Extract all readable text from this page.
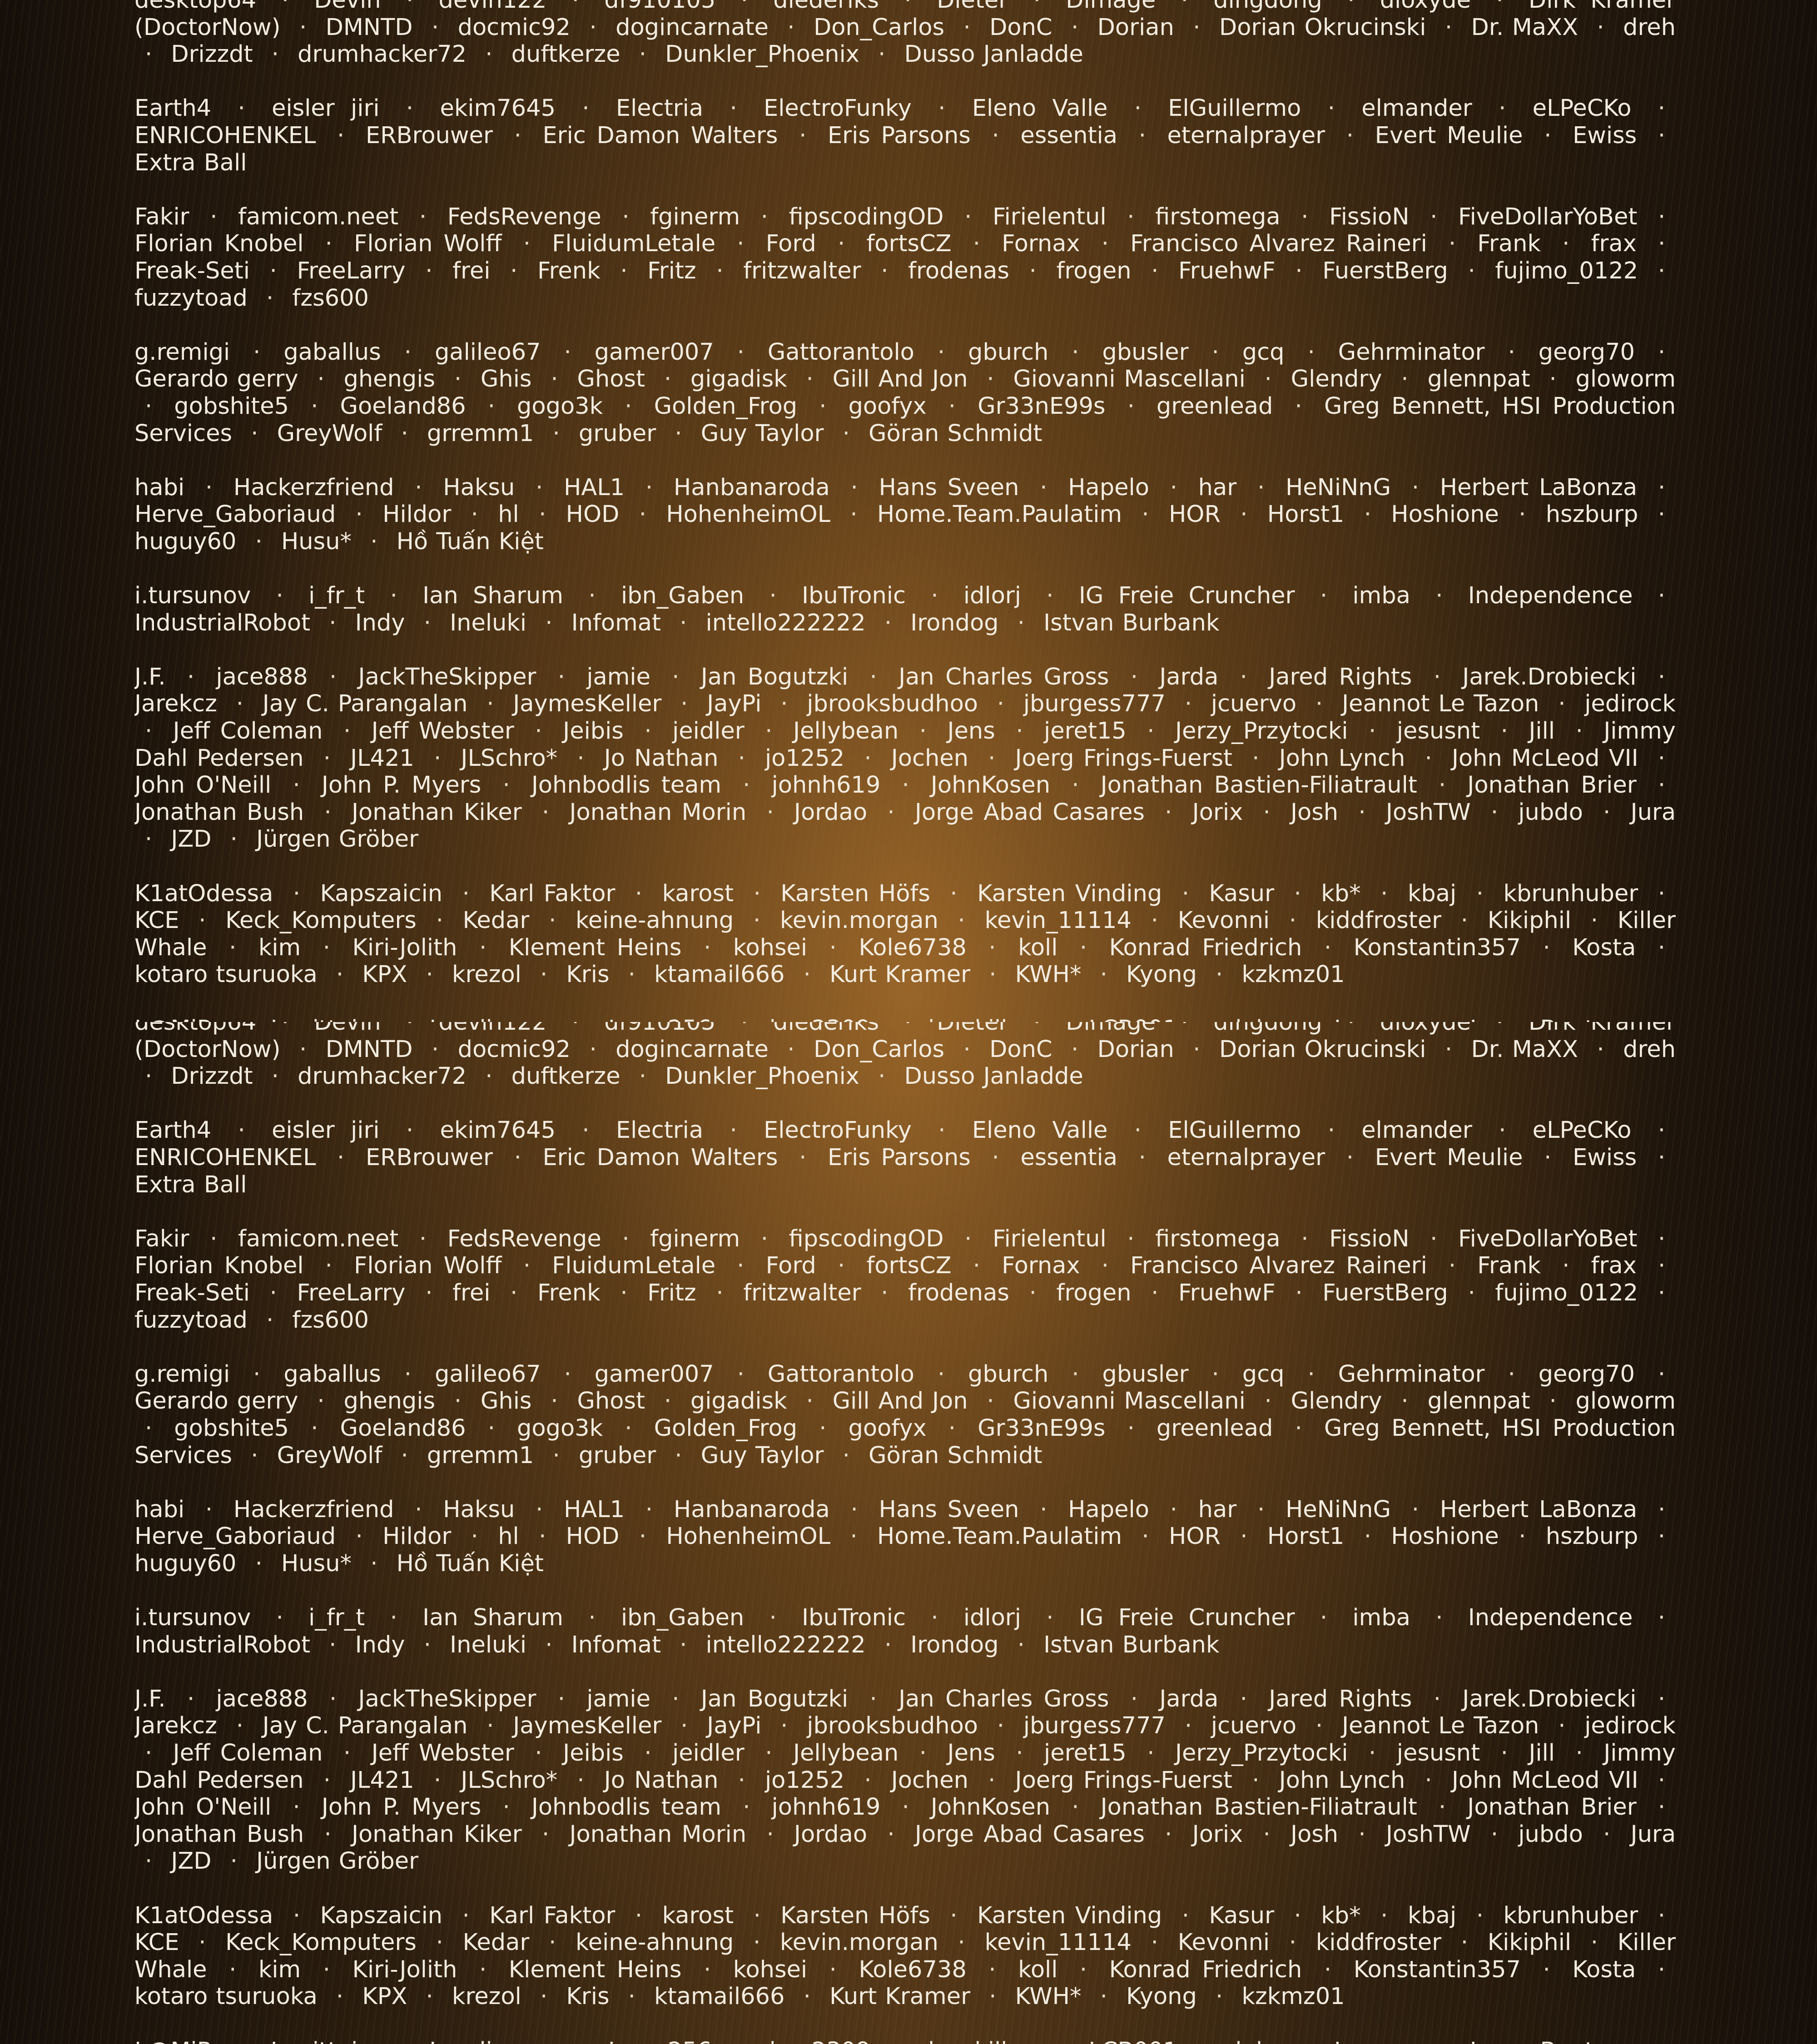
desktop64 · Devin · devin122 · df910105 · diederiks · Dieter · Dimage · dingdong · dioxyde · Dirk Kramer (DoctorNow) · DMNTD · docmic92 · dogincarnate · Don_Carlos · DonC · Dorian · Dorian Okrucinski · Dr. MaXX · dreh · Drizzdt · drumhacker72 · duftkerze · Dunkler_Phoenix · Dusso Janladde

Earth4 · eisler jiri · ekim7645 · Electria · ElectroFunky · Eleno Valle · ElGuillermo · elmander · eLPeCKo · ENRICOHENKEL · ERBrouwer · Eric Damon Walters · Eris Parsons · essentia · eternalprayer · Evert Meulie · Ewiss · Extra Ball

Fakir · famicom.neet · FedsRevenge · fginerm · fipscodingOD · Firielentul · firstomega · FissioN · FiveDollarYoBet · Florian Knobel · Florian Wolff · FluidumLetale · Ford · fortsCZ · Fornax · Francisco Alvarez Raineri · Frank · frax · Freak-Seti · FreeLarry · frei · Frenk · Fritz · fritzwalter · frodenas · frogen · FruehwF · FuerstBerg · fujimo_0122 · fuzzytoad · fzs600

g.remigi · gaballus · galileo67 · gamer007 · Gattorantolo · gburch · gbusler · gcq · Gehrminator · georg70 · Gerardo gerry · ghengis · Ghis · Ghost · gigadisk · Gill And Jon · Giovanni Mascellani · Glendry · glennpat · gloworm · gobshite5 · Goeland86 · gogo3k · Golden_Frog · goofyx · Gr33nE99s · greenlead · Greg Bennett, HSI Production Services · GreyWolf · grremm1 · gruber · Guy Taylor · Göran Schmidt

habi · Hackerzfriend · Haksu · HAL1 · Hanbanaroda · Hans Sveen · Hapelo · har · HeNiNnG · Herbert LaBonza · Herve_Gaboriaud · Hildor · hl · HOD · HohenheimOL · Home.Team.Paulatim · HOR · Horst1 · Hoshione · hszburp · huguy60 · Husu* · Hồ Tuấn Kiệt

i.tursunov · i_fr_t · Ian Sharum · ibn_Gaben · IbuTronic · idlorj · IG Freie Cruncher · imba · Independence · IndustrialRobot · Indy · Ineluki · Infomat · intello222222 · Irondog · Istvan Burbank

J.F. · jace888 · JackTheSkipper · jamie · Jan Bogutzki · Jan Charles Gross · Jarda · Jared Rights · Jarek.Drobiecki · Jarekcz · Jay C. Parangalan · JaymesKeller · JayPi · jbrooksbudhoo · jburgess777 · jcuervo · Jeannot Le Tazon · jedirock · Jeff Coleman · Jeff Webster · Jeibis · jeidler · Jellybean · Jens · jeret15 · Jerzy_Przytocki · jesusnt · Jill · Jimmy Dahl Pedersen · JL421 · JLSchro* · Jo Nathan · jo1252 · Jochen · Joerg Frings-Fuerst · John Lynch · John McLeod VII · John O'Neill · John P. Myers · Johnbodlis team · johnh619 · JohnKosen · Jonathan Bastien-Filiatrault · Jonathan Brier · Jonathan Bush · Jonathan Kiker · Jonathan Morin · Jordao · Jorge Abad Casares · Jorix · Josh · JoshTW · jubdo · Jura · JZD · Jürgen Gröber

K1atOdessa · Kapszaicin · Karl Faktor · karost · Karsten Höfs · Karsten Vinding · Kasur · kb* · kbaj · kbrunhuber · KCE · Keck_Komputers · Kedar · keine-ahnung · kevin.morgan · kevin_11114 · Kevonni · kiddfroster · Kikiphil · Killer Whale · kim · Kiri-Jolith · Klement Heins · kohsei · Kole6738 · koll · Konrad Friedrich · Konstantin357 · Kosta · kotaro tsuruoka · KPX · krezol · Kris · ktamail666 · Kurt Kramer · KWH* · Kyong · kzkmz01

desktop64 · Devin · devin122 · df910105 · diederiks · Dieter · Dimage · dingdong · dioxyde · Dirk Kramer (DoctorNow) · DMNTD · docmic92 · dogincarnate · Don_Carlos · DonC · Dorian · Dorian Okrucinski · Dr. MaXX · dreh · Drizzdt · drumhacker72 · duftkerze · Dunkler_Phoenix · Dusso Janladde

Earth4 · eisler jiri · ekim7645 · Electria · ElectroFunky · Eleno Valle · ElGuillermo · elmander · eLPeCKo · ENRICOHENKEL · ERBrouwer · Eric Damon Walters · Eris Parsons · essentia · eternalprayer · Evert Meulie · Ewiss · Extra Ball

Fakir · famicom.neet · FedsRevenge · fginerm · fipscodingOD · Firielentul · firstomega · FissioN · FiveDollarYoBet · Florian Knobel · Florian Wolff · FluidumLetale · Ford · fortsCZ · Fornax · Francisco Alvarez Raineri · Frank · frax · Freak-Seti · FreeLarry · frei · Frenk · Fritz · fritzwalter · frodenas · frogen · FruehwF · FuerstBerg · fujimo_0122 · fuzzytoad · fzs600

g.remigi · gaballus · galileo67 · gamer007 · Gattorantolo · gburch · gbusler · gcq · Gehrminator · georg70 · Gerardo gerry · ghengis · Ghis · Ghost · gigadisk · Gill And Jon · Giovanni Mascellani · Glendry · glennpat · gloworm · gobshite5 · Goeland86 · gogo3k · Golden_Frog · goofyx · Gr33nE99s · greenlead · Greg Bennett, HSI Production Services · GreyWolf · grremm1 · gruber · Guy Taylor · Göran Schmidt

habi · Hackerzfriend · Haksu · HAL1 · Hanbanaroda · Hans Sveen · Hapelo · har · HeNiNnG · Herbert LaBonza · Herve_Gaboriaud · Hildor · hl · HOD · HohenheimOL · Home.Team.Paulatim · HOR · Horst1 · Hoshione · hszburp · huguy60 · Husu* · Hồ Tuấn Kiệt

i.tursunov · i_fr_t · Ian Sharum · ibn_Gaben · IbuTronic · idlorj · IG Freie Cruncher · imba · Independence · IndustrialRobot · Indy · Ineluki · Infomat · intello222222 · Irondog · Istvan Burbank

J.F. · jace888 · JackTheSkipper · jamie · Jan Bogutzki · Jan Charles Gross · Jarda · Jared Rights · Jarek.Drobiecki · Jarekcz · Jay C. Parangalan · JaymesKeller · JayPi · jbrooksbudhoo · jburgess777 · jcuervo · Jeannot Le Tazon · jedirock · Jeff Coleman · Jeff Webster · Jeibis · jeidler · Jellybean · Jens · jeret15 · Jerzy_Przytocki · jesusnt · Jill · Jimmy Dahl Pedersen · JL421 · JLSchro* · Jo Nathan · jo1252 · Jochen · Joerg Frings-Fuerst · John Lynch · John McLeod VII · John O'Neill · John P. Myers · Johnbodlis team · johnh619 · JohnKosen · Jonathan Bastien-Filiatrault · Jonathan Brier · Jonathan Bush · Jonathan Kiker · Jonathan Morin · Jordao · Jorge Abad Casares · Jorix · Josh · JoshTW · jubdo · Jura · JZD · Jürgen Gröber

K1atOdessa · Kapszaicin · Karl Faktor · karost · Karsten Höfs · Karsten Vinding · Kasur · kb* · kbaj · kbrunhuber · KCE · Keck_Komputers · Kedar · keine-ahnung · kevin.morgan · kevin_11114 · Kevonni · kiddfroster · Kikiphil · Killer Whale · kim · Kiri-Jolith · Klement Heins · kohsei · Kole6738 · koll · Konrad Friedrich · Konstantin357 · Kosta · kotaro tsuruoka · KPX · krezol · Kris · ktamail666 · Kurt Kramer · KWH* · Kyong · kzkmz01
